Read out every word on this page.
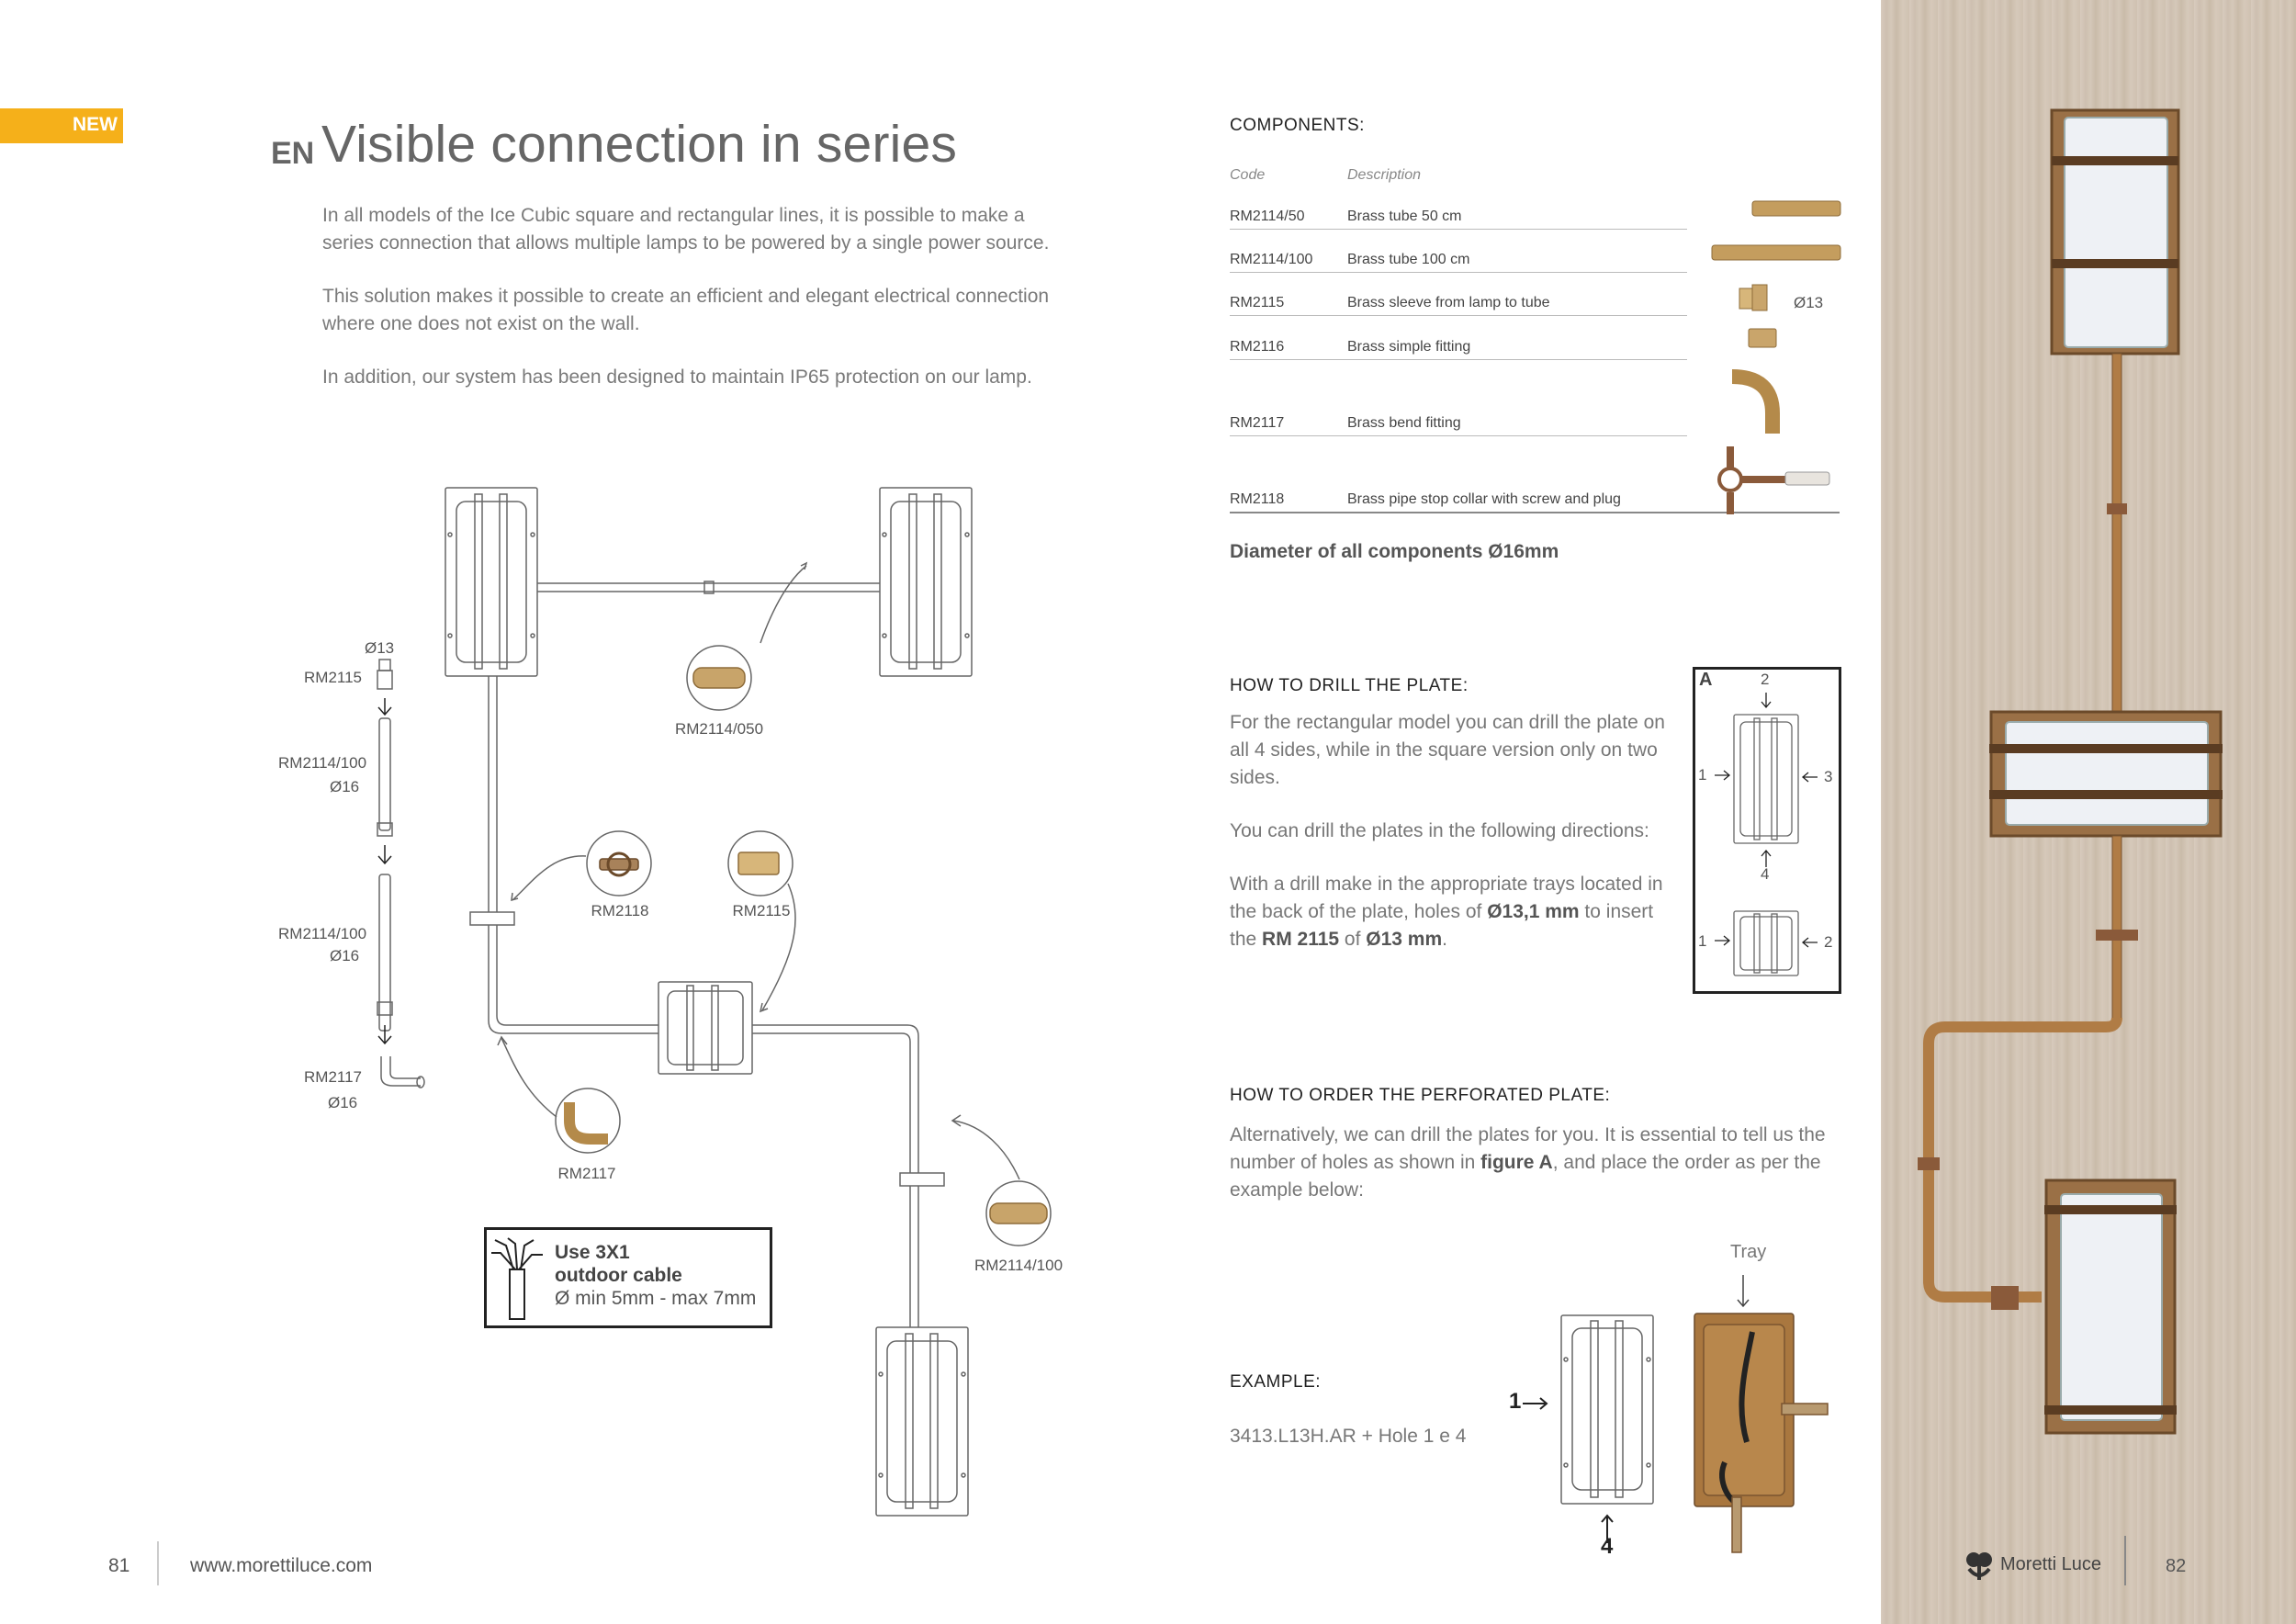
NEW
EN Visible connection in series

In all models of the Ice Cubic square and rectangular lines, it is possible to make a series connection that allows multiple lamps to be powered by a single power source.

This solution makes it possible to create an efficient and elegant electrical connection where one does not exist on the wall.

In addition, our system has been designed to maintain IP65 protection on our lamp.

Ø13
RM2115
RM2114/100
Ø16
RM2114/100
Ø16
RM2117
Ø16
RM2114/050
RM2118	RM2115
RM2117
RM2114/100
Use 3X1
outdoor cable
Ø min 5mm - max 7mm
81	www.morettiluce.com
COMPONENTS:
Code	Description
RM2114/50	Brass tube 50 cm
RM2114/100 Brass tube 100 cm
RM2115	Brass sleeve from lamp to tube
RM2116	Brass simple fitting
RM2117	Brass bend fitting
RM2118	Brass pipe stop collar with screw and plug
Ø13
Diameter of all components Ø16mm
HOW TO DRILL THE PLATE:
For the rectangular model you can drill the plate on all 4 sides, while in the square version only on two sides.
You can drill the plates in the following directions:
With a drill make in the appropriate trays located in the back of the plate, holes of Ø13,1 mm to insert the RM 2115 of Ø13 mm.
A	2
1	3
4
1	2
HOW TO ORDER THE PERFORATED PLATE:
Alternatively, we can drill the plates for you. It is essential to tell us the number of holes as shown in figure A, and place the order as per the example below:
Tray
EXAMPLE:
3413.L13H.AR + Hole 1 e 4
1
4
Moretti Luce	82
